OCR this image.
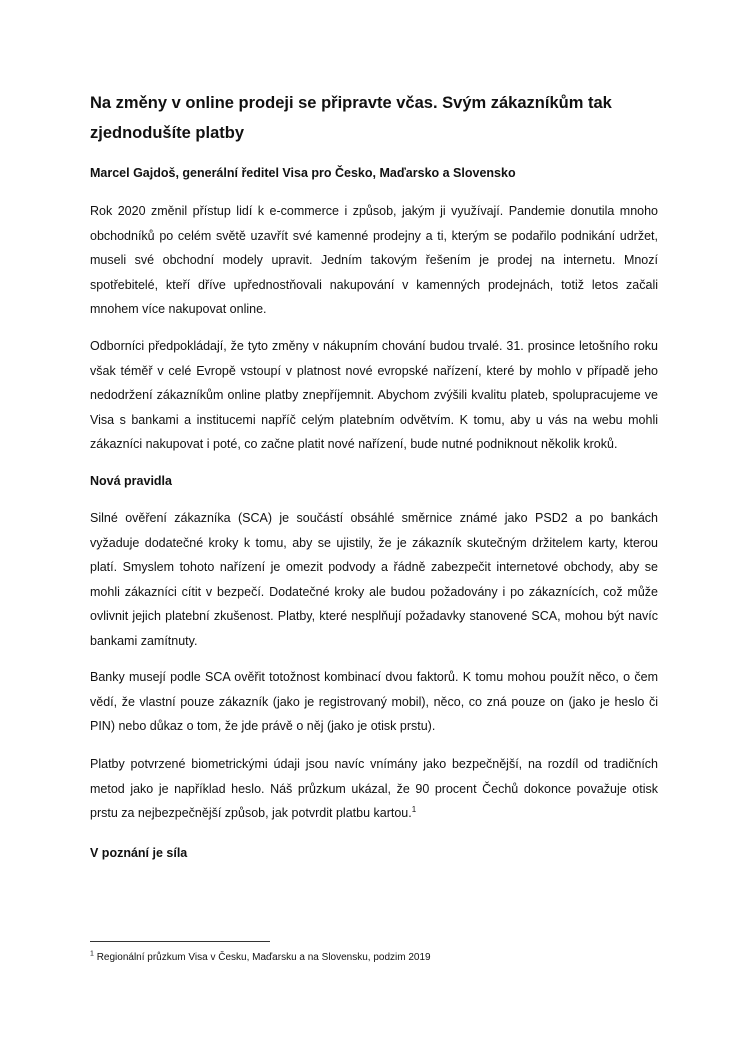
Na změny v online prodeji se připravte včas. Svým zákazníkům tak zjednodušíte platby

Marcel Gajdoš, generální ředitel Visa pro Česko, Maďarsko a Slovensko

Rok 2020 změnil přístup lidí k e-commerce i způsob, jakým ji využívají. Pandemie donutila mnoho obchodníků po celém světě uzavřít své kamenné prodejny a ti, kterým se podařilo podnikání udržet, museli své obchodní modely upravit. Jedním takovým řešením je prodej na internetu. Mnozí spotřebitelé, kteří dříve upřednostňovali nakupování v kamenných prodejnách, totiž letos začali mnohem více nakupovat online.

Odborníci předpokládají, že tyto změny v nákupním chování budou trvalé. 31. prosince letošního roku však téměř v celé Evropě vstoupí v platnost nové evropské nařízení, které by mohlo v případě jeho nedodržení zákazníkům online platby znepříjemnit. Abychom zvýšili kvalitu plateb, spolupracujeme ve Visa s bankami a institucemi napříč celým platebním odvětvím. K tomu, aby u vás na webu mohli zákazníci nakupovat i poté, co začne platit nové nařízení, bude nutné podniknout několik kroků.

Nová pravidla

Silné ověření zákazníka (SCA) je součástí obsáhlé směrnice známé jako PSD2 a po bankách vyžaduje dodatečné kroky k tomu, aby se ujistily, že je zákazník skutečným držitelem karty, kterou platí. Smyslem tohoto nařízení je omezit podvody a řádně zabezpečit internetové obchody, aby se mohli zákazníci cítit v bezpečí. Dodatečné kroky ale budou požadovány i po zákaznících, což může ovlivnit jejich platební zkušenost. Platby, které nesplňují požadavky stanovené SCA, mohou být navíc bankami zamítnuty.

Banky musejí podle SCA ověřit totožnost kombinací dvou faktorů. K tomu mohou použít něco, o čem vědí, že vlastní pouze zákazník (jako je registrovaný mobil), něco, co zná pouze on (jako je heslo či PIN) nebo důkaz o tom, že jde právě o něj (jako je otisk prstu).

Platby potvrzené biometrickými údaji jsou navíc vnímány jako bezpečnější, na rozdíl od tradičních metod jako je například heslo. Náš průzkum ukázal, že 90 procent Čechů dokonce považuje otisk prstu za nejbezpečnější způsob, jak potvrdit platbu kartou.$^1$

V poznání je síla

$^1$ Regionální průzkum Visa v Česku, Maďarsku a na Slovensku, podzim 2019
